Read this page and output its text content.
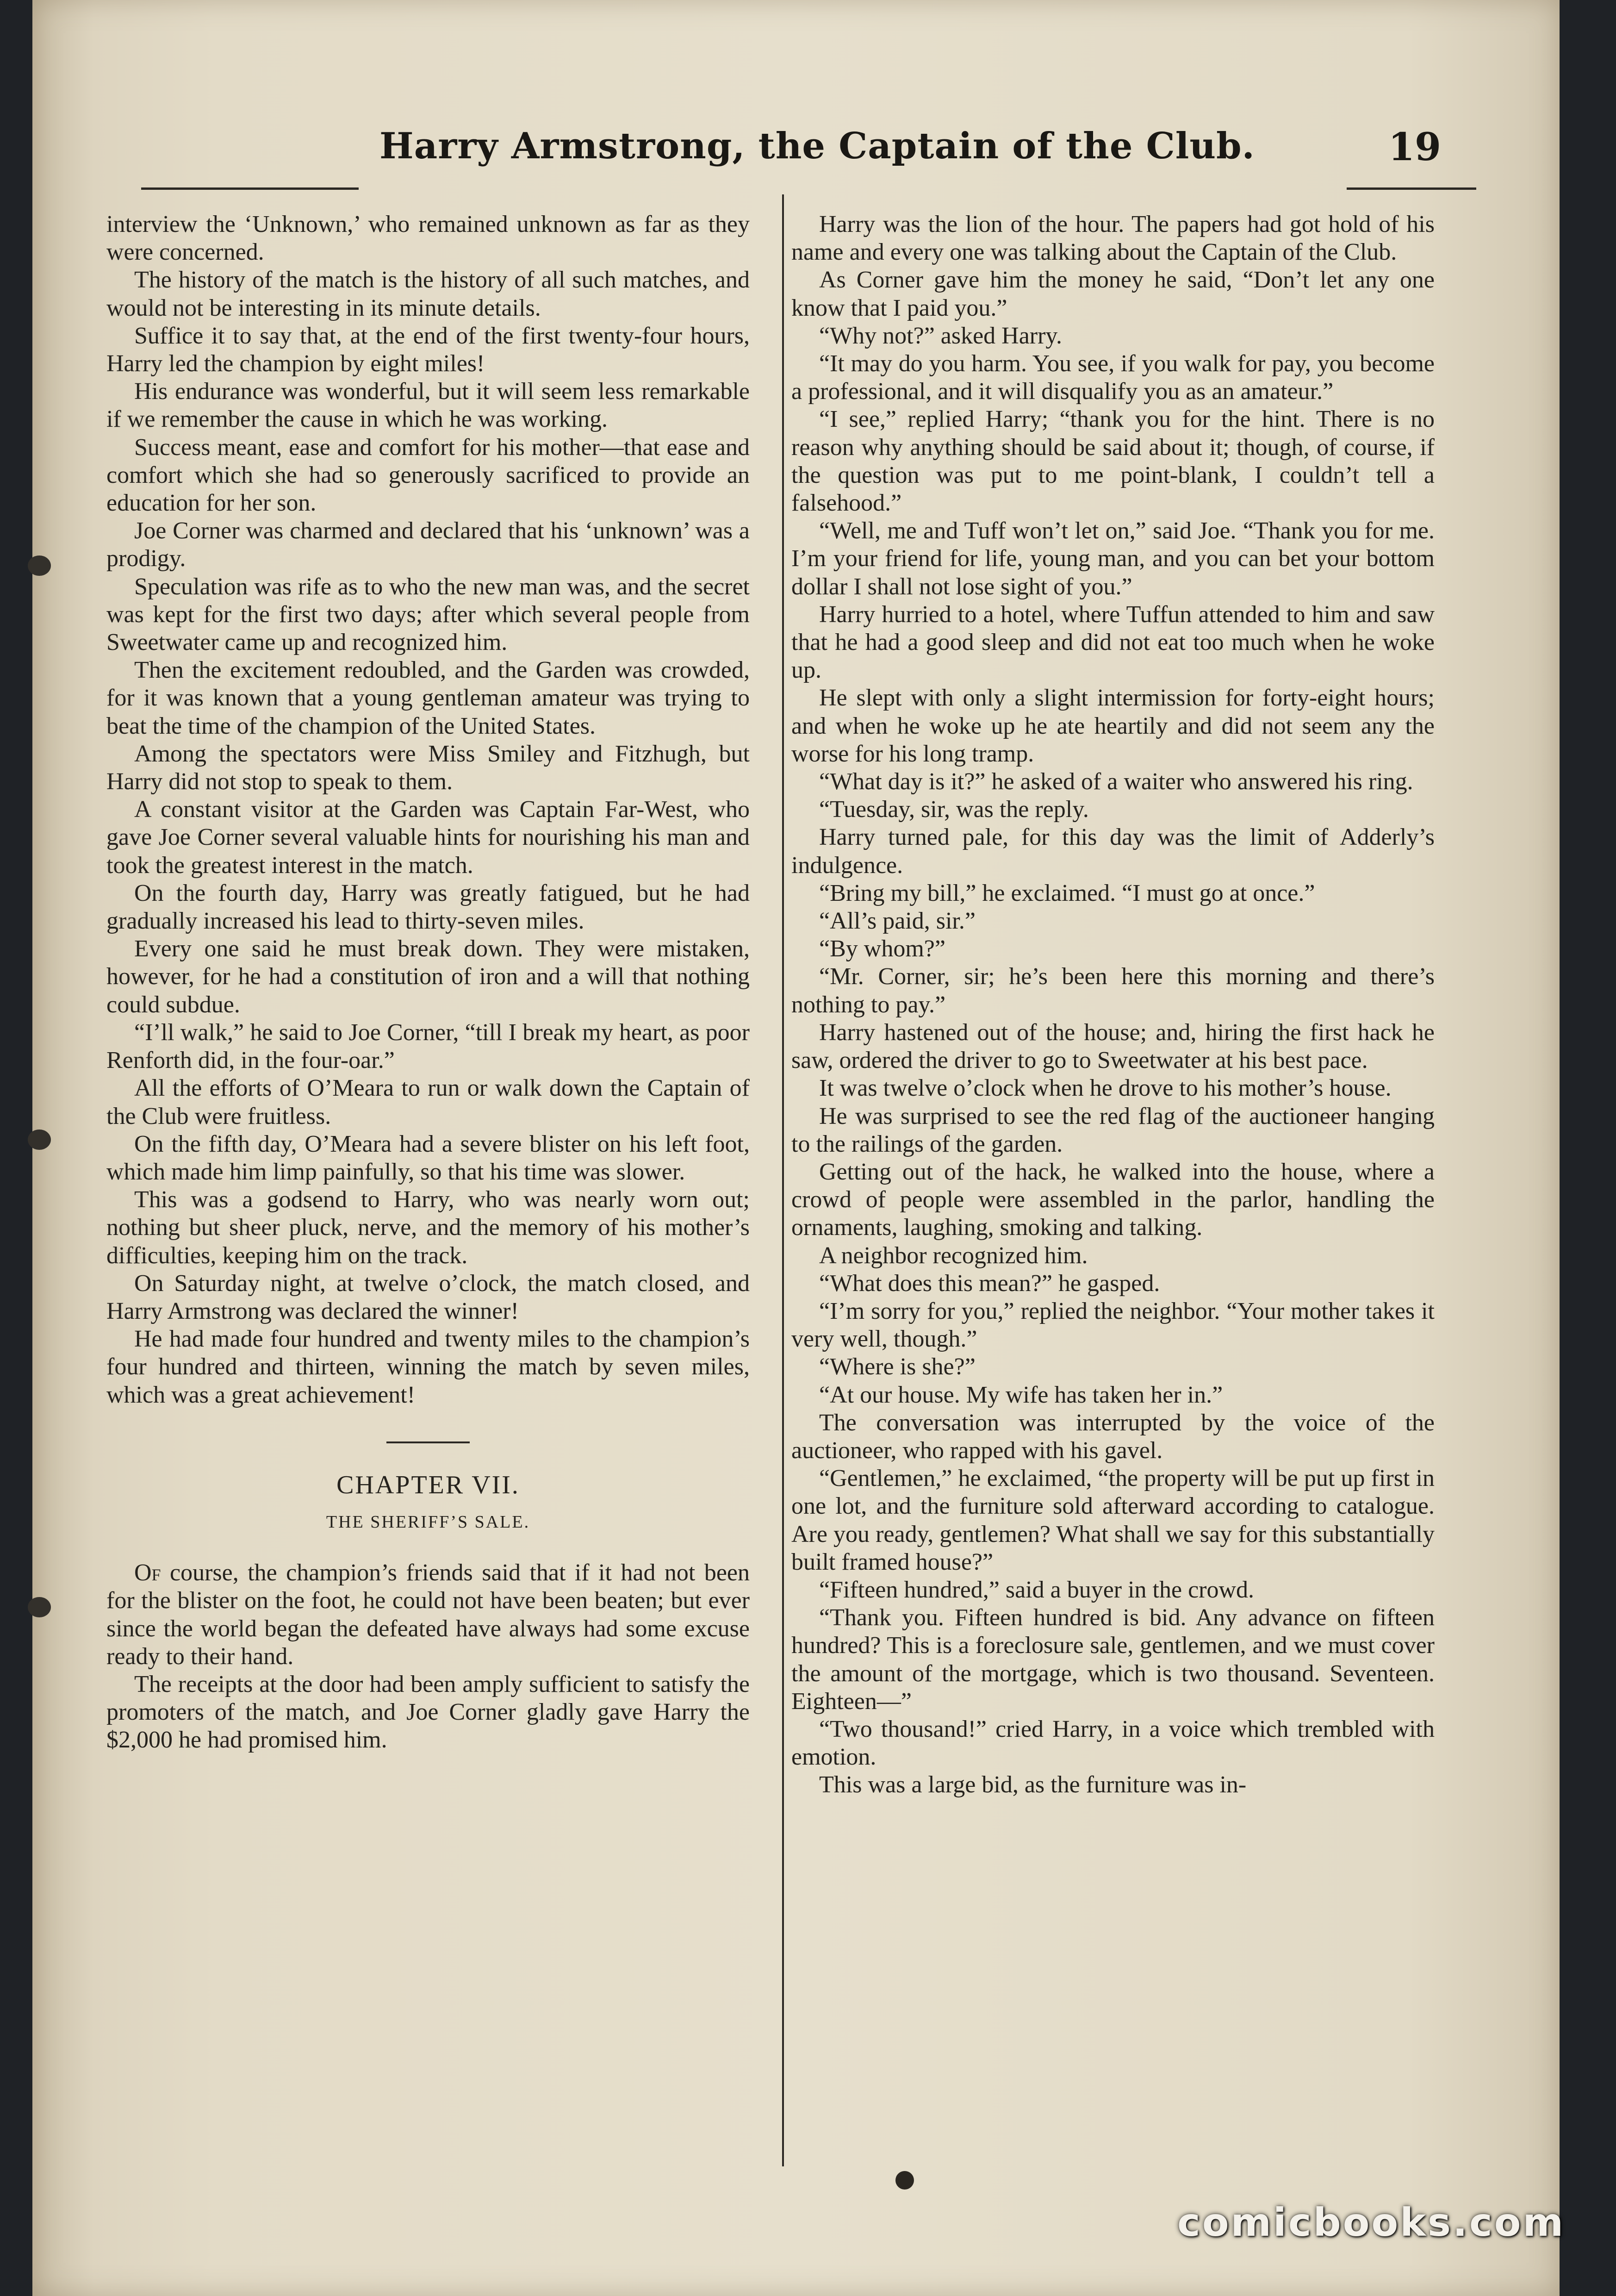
Harry Armstrong, the Captain of the Club.	19

interview the ‘Unknown,’ who remained unknown as far as they were concerned.

The history of the match is the history of all such matches, and would not be interesting in its minute details.

Suffice it to say that, at the end of the first twenty-four hours, Harry led the champion by eight miles!

His endurance was wonderful, but it will seem less remarkable if we remember the cause in which he was working.

Success meant, ease and comfort for his mother—that ease and comfort which she had so generously sacrificed to provide an education for her son.

Joe Corner was charmed and declared that his ‘unknown’ was a prodigy.

Speculation was rife as to who the new man was, and the secret was kept for the first two days; after which several people from Sweetwater came up and recognized him.

Then the excitement redoubled, and the Garden was crowded, for it was known that a young gentleman amateur was trying to beat the time of the champion of the United States.

Among the spectators were Miss Smiley and Fitzhugh, but Harry did not stop to speak to them.

A constant visitor at the Garden was Captain Far-West, who gave Joe Corner several valuable hints for nourishing his man and took the greatest interest in the match.

On the fourth day, Harry was greatly fatigued, but he had gradually increased his lead to thirty-seven miles.

Every one said he must break down. They were mistaken, however, for he had a constitution of iron and a will that nothing could subdue.

“I’ll walk,” he said to Joe Corner, “till I break my heart, as poor Renforth did, in the four-oar.”

All the efforts of O’Meara to run or walk down the Captain of the Club were fruitless.

On the fifth day, O’Meara had a severe blister on his left foot, which made him limp painfully, so that his time was slower.

This was a godsend to Harry, who was nearly worn out; nothing but sheer pluck, nerve, and the memory of his mother’s difficulties, keeping him on the track.

On Saturday night, at twelve o’clock, the match closed, and Harry Armstrong was declared the winner!

He had made four hundred and twenty miles to the champion’s four hundred and thirteen, winning the match by seven miles, which was a great achievement!

CHAPTER VII.
THE SHERIFF’S SALE.

Of course, the champion’s friends said that if it had not been for the blister on the foot, he could not have been beaten; but ever since the world began the defeated have always had some excuse ready to their hand.

The receipts at the door had been amply sufficient to satisfy the promoters of the match, and Joe Corner gladly gave Harry the $2,000 he had promised him.

Harry was the lion of the hour. The papers had got hold of his name and every one was talking about the Captain of the Club.

As Corner gave him the money he said, “Don’t let any one know that I paid you.”

“Why not?” asked Harry.

“It may do you harm. You see, if you walk for pay, you become a professional, and it will disqualify you as an amateur.”

“I see,” replied Harry; “thank you for the hint. There is no reason why anything should be said about it; though, of course, if the question was put to me point-blank, I couldn’t tell a falsehood.”

“Well, me and Tuff won’t let on,” said Joe. “Thank you for me. I’m your friend for life, young man, and you can bet your bottom dollar I shall not lose sight of you.”

Harry hurried to a hotel, where Tuffun attended to him and saw that he had a good sleep and did not eat too much when he woke up.

He slept with only a slight intermission for forty-eight hours; and when he woke up he ate heartily and did not seem any the worse for his long tramp.

“What day is it?” he asked of a waiter who answered his ring.

“Tuesday, sir, was the reply.

Harry turned pale, for this day was the limit of Adderly’s indulgence.

“Bring my bill,” he exclaimed. “I must go at once.”

“All’s paid, sir.”

“By whom?”

“Mr. Corner, sir; he’s been here this morning and there’s nothing to pay.”

Harry hastened out of the house; and, hiring the first hack he saw, ordered the driver to go to Sweetwater at his best pace.

It was twelve o’clock when he drove to his mother’s house.

He was surprised to see the red flag of the auctioneer hanging to the railings of the garden.

Getting out of the hack, he walked into the house, where a crowd of people were assembled in the parlor, handling the ornaments, laughing, smoking and talking.

A neighbor recognized him.

“What does this mean?” he gasped.

“I’m sorry for you,” replied the neighbor. “Your mother takes it very well, though.”

“Where is she?”

“At our house. My wife has taken her in.”

The conversation was interrupted by the voice of the auctioneer, who rapped with his gavel.

“Gentlemen,” he exclaimed, “the property will be put up first in one lot, and the furniture sold afterward according to catalogue. Are you ready, gentlemen? What shall we say for this substantially built framed house?”

“Fifteen hundred,” said a buyer in the crowd.

“Thank you. Fifteen hundred is bid. Any advance on fifteen hundred? This is a foreclosure sale, gentlemen, and we must cover the amount of the mortgage, which is two thousand. Seventeen. Eighteen—”

“Two thousand!” cried Harry, in a voice which trembled with emotion.

This was a large bid, as the furniture was in-

comicbooks.com
